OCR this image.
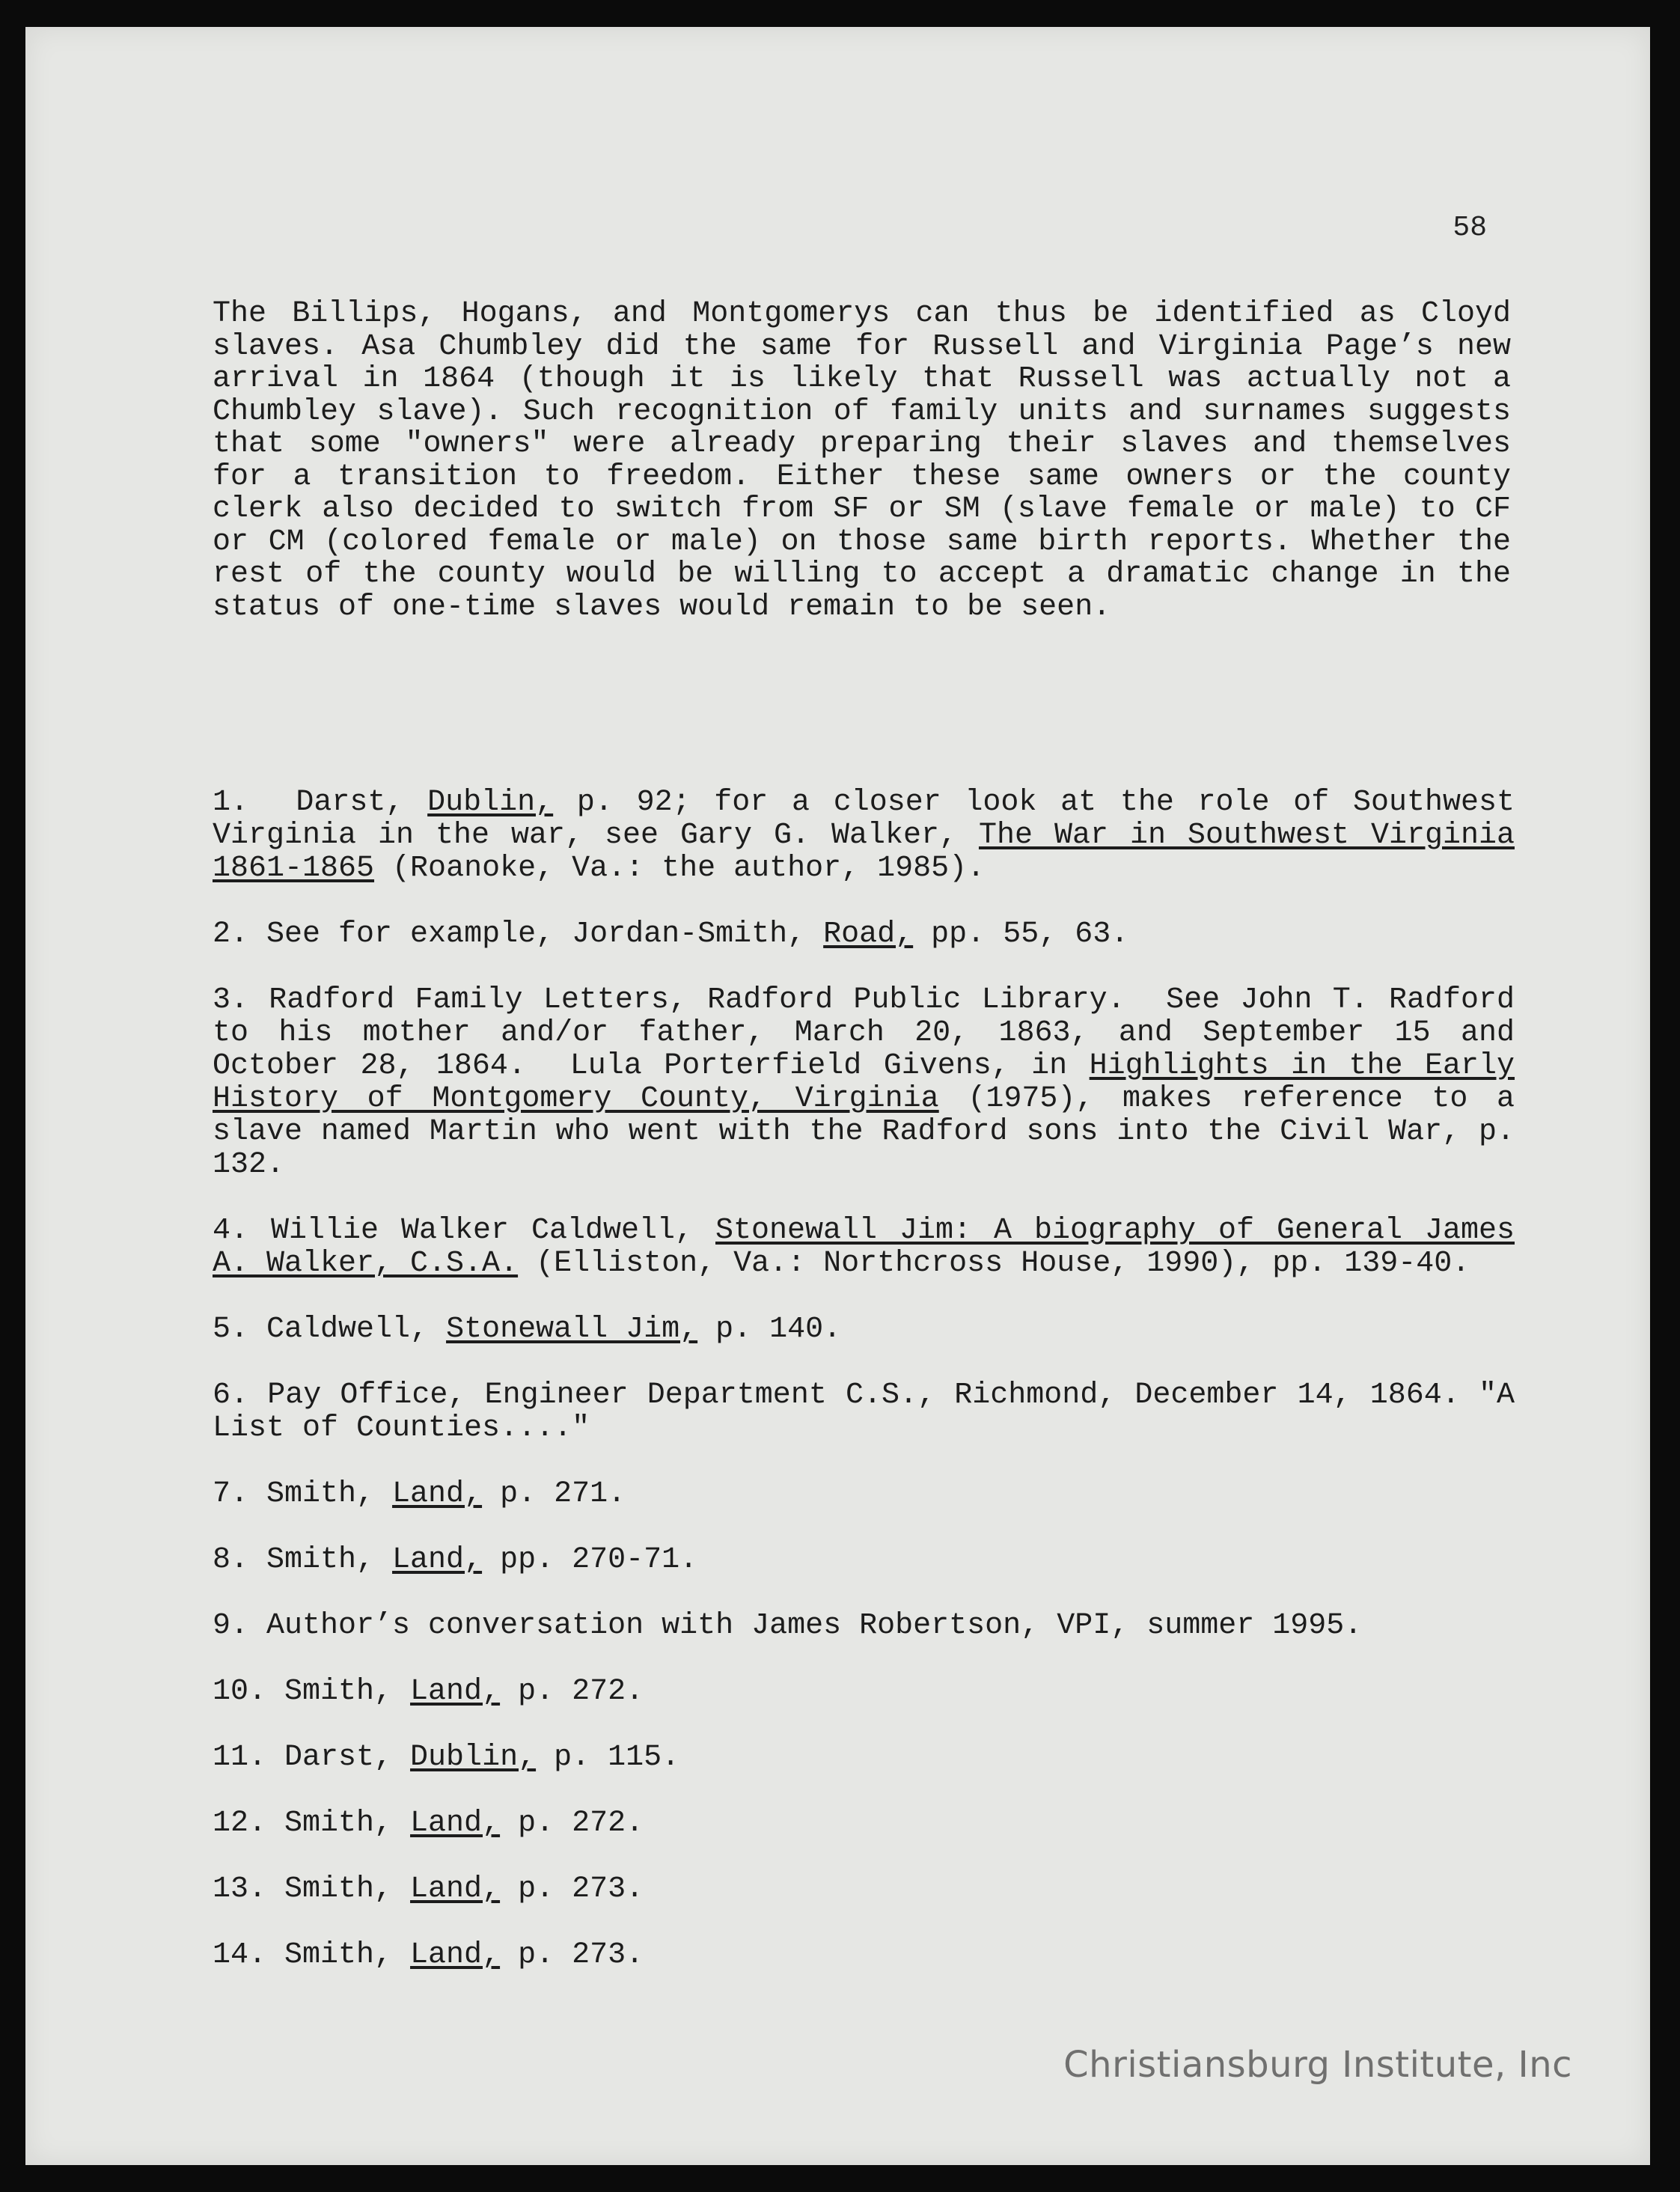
58
The Billips, Hogans, and Montgomerys can thus be identified as Cloyd slaves. Asa Chumbley did the same for Russell and Virginia Page’s new arrival in 1864 (though it is likely that Russell was actually not a Chumbley slave). Such recognition of family units and surnames suggests that some "owners" were already preparing their slaves and themselves for a transition to freedom. Either these same owners or the county clerk also decided to switch from SF or SM (slave female or male) to CF or CM (colored female or male) on those same birth reports. Whether the rest of the county would be willing to accept a dramatic change in the status of one-time slaves would remain to be seen.
1.  Darst, Dublin, p. 92; for a closer look at the role of Southwest Virginia in the war, see Gary G. Walker, The War in Southwest Virginia 1861-1865 (Roanoke, Va.: the author, 1985).
2. See for example, Jordan-Smith, Road, pp. 55, 63.
3. Radford Family Letters, Radford Public Library.  See John T. Radford to his mother and/or father, March 20, 1863, and September 15 and October 28, 1864.  Lula Porterfield Givens, in Highlights in the Early History of Montgomery County, Virginia (1975), makes reference to a slave named Martin who went with the Radford sons into the Civil War, p. 132.
4. Willie Walker Caldwell, Stonewall Jim: A biography of General James A. Walker, C.S.A. (Elliston, Va.: Northcross House, 1990), pp. 139-40.
5. Caldwell, Stonewall Jim, p. 140.
6. Pay Office, Engineer Department C.S., Richmond, December 14, 1864. "A List of Counties...."
7. Smith, Land, p. 271.
8. Smith, Land, pp. 270-71.
9. Author’s conversation with James Robertson, VPI, summer 1995.
10. Smith, Land, p. 272.
11. Darst, Dublin, p. 115.
12. Smith, Land, p. 272.
13. Smith, Land, p. 273.
14. Smith, Land, p. 273.
Christiansburg Institute, Inc
